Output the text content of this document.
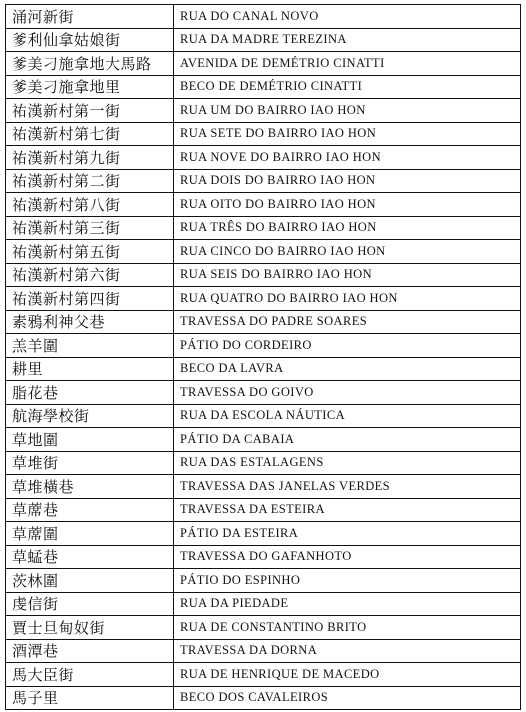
涌河新街	RUA DO CANAL NOVO
爹利仙拿姑娘街	RUA DA MADRE TEREZINA
爹美刁施拿地大馬路	AVENIDA DE DEMÉTRIO CINATTI
爹美刁施拿地里	BECO DE DEMÉTRIO CINATTI
祐漢新村第一街	RUA UM DO BAIRRO IAO HON
祐漢新村第七街	RUA SETE DO BAIRRO IAO HON
祐漢新村第九街	RUA NOVE DO BAIRRO IAO HON
祐漢新村第二街	RUA DOIS DO BAIRRO IAO HON
祐漢新村第八街	RUA OITO DO BAIRRO IAO HON
祐漢新村第三街	RUA TRÊS DO BAIRRO IAO HON
祐漢新村第五街	RUA CINCO DO BAIRRO IAO HON
祐漢新村第六街	RUA SEIS DO BAIRRO IAO HON
祐漢新村第四街	RUA QUATRO DO BAIRRO IAO HON
素鴉利神父巷	TRAVESSA DO PADRE SOARES
羔羊圍	PÁTIO DO CORDEIRO
耕里	BECO DA LAVRA
脂花巷	TRAVESSA DO GOIVO
航海學校街	RUA DA ESCOLA NÁUTICA
草地圍	PÁTIO DA CABAIA
草堆街	RUA DAS ESTALAGENS
草堆橫巷	TRAVESSA DAS JANELAS VERDES
草蓆巷	TRAVESSA DA ESTEIRA
草蓆圍	PÁTIO DA ESTEIRA
草蜢巷	TRAVESSA DO GAFANHOTO
茨林圍	PÁTIO DO ESPINHO
虔信街	RUA DA PIEDADE
賈士旦甸奴街	RUA DE CONSTANTINO BRITO
酒潭巷	TRAVESSA DA DORNA
馬大臣街	RUA DE HENRIQUE DE MACEDO
馬子里	BECO DOS CAVALEIROS
